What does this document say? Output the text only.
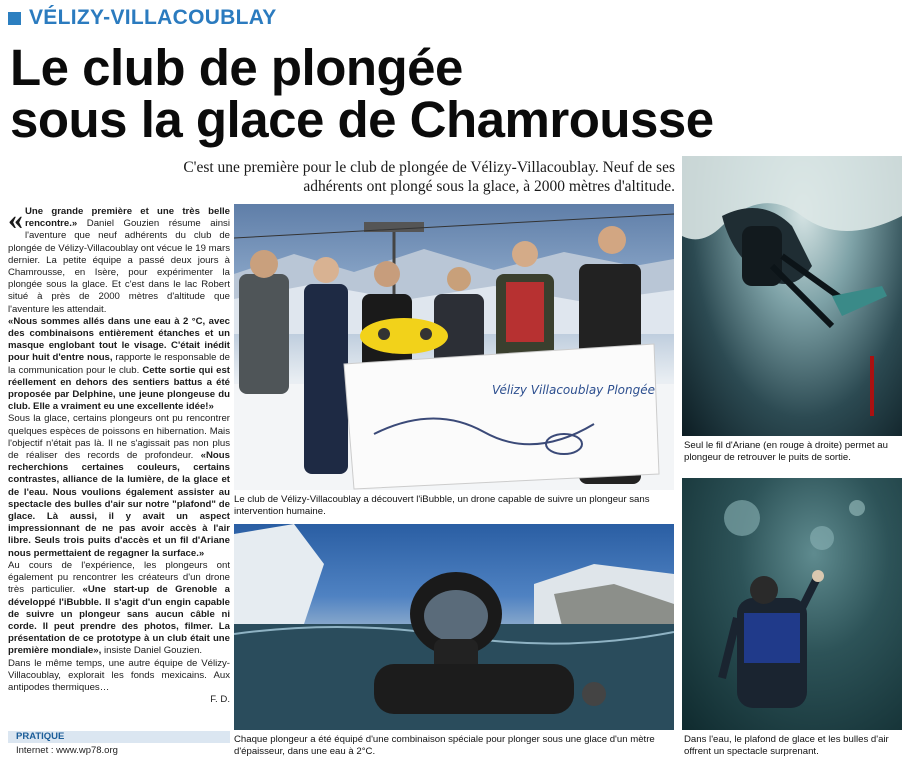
VÉLIZY-VILLACOUBLAY
Le club de plongée
sous la glace de Chamrousse

C'est une première pour le club de plongée de Vélizy-Villacoublay. Neuf de ses adhérents ont plongé sous la glace, à 2000 mètres d'altitude.

« Une grande première et une très belle rencontre.» Daniel Gouzien résume ainsi l'aventure que neuf adhérents du club de plongée de Vélizy-Villacoublay ont vécue le 19 mars dernier. La petite équipe a passé deux jours à Chamrousse, en Isère, pour expérimenter la plongée sous la glace. Et c'est dans le lac Robert situé à près de 2000 mètres d'altitude que l'aventure les attendait.

«Nous sommes allés dans une eau à 2 °C, avec des combinaisons entièrement étanches et un masque englobant tout le visage. C'était inédit pour huit d'entre nous, rapporte le responsable de la communication pour le club. Cette sortie qui est réellement en dehors des sentiers battus a été proposée par Delphine, une jeune plongeuse du club. Elle a vraiment eu une excellente idée!»

Sous la glace, certains plongeurs ont pu rencontrer quelques espèces de poissons en hibernation. Mais l'objectif n'était pas là. Il ne s'agissait pas non plus de réaliser des records de profondeur. «Nous recherchions certaines couleurs, certains contrastes, alliance de la lumière, de la glace et de l'eau. Nous voulions également assister au spectacle des bulles d'air sur notre "plafond" de glace. Là aussi, il y avait un aspect impressionnant de ne pas avoir accès à l'air libre. Seuls trois puits d'accès et un fil d'Ariane nous permettaient de regagner la surface.»

Au cours de l'expérience, les plongeurs ont également pu rencontrer les créateurs d'un drone très particulier. «Une start-up de Grenoble a développé l'iBubble. Il s'agit d'un engin capable de suivre un plongeur sans aucun câble ni corde. Il peut prendre des photos, filmer. La présentation de ce prototype à un club était une première mondiale», insiste Daniel Gouzien.

Dans le même temps, une autre équipe de Vélizy-Villacoublay, explorait les fonds mexicains. Aux antipodes thermiques…

F. D.

PRATIQUE
Internet : www.wp78.org
Vélizy Villacoublay Plongée

Le club de Vélizy-Villacoublay a découvert l'iBubble, un drone capable de suivre un plongeur sans intervention humaine.

Seul le fil d'Ariane (en rouge à droite) permet au plongeur de retrouver le puits de sortie.

Chaque plongeur a été équipé d'une combinaison spéciale pour plonger sous une glace d'un mètre d'épaisseur, dans une eau à 2°C.

Dans l'eau, le plafond de glace et les bulles d'air offrent un spectacle surprenant.
